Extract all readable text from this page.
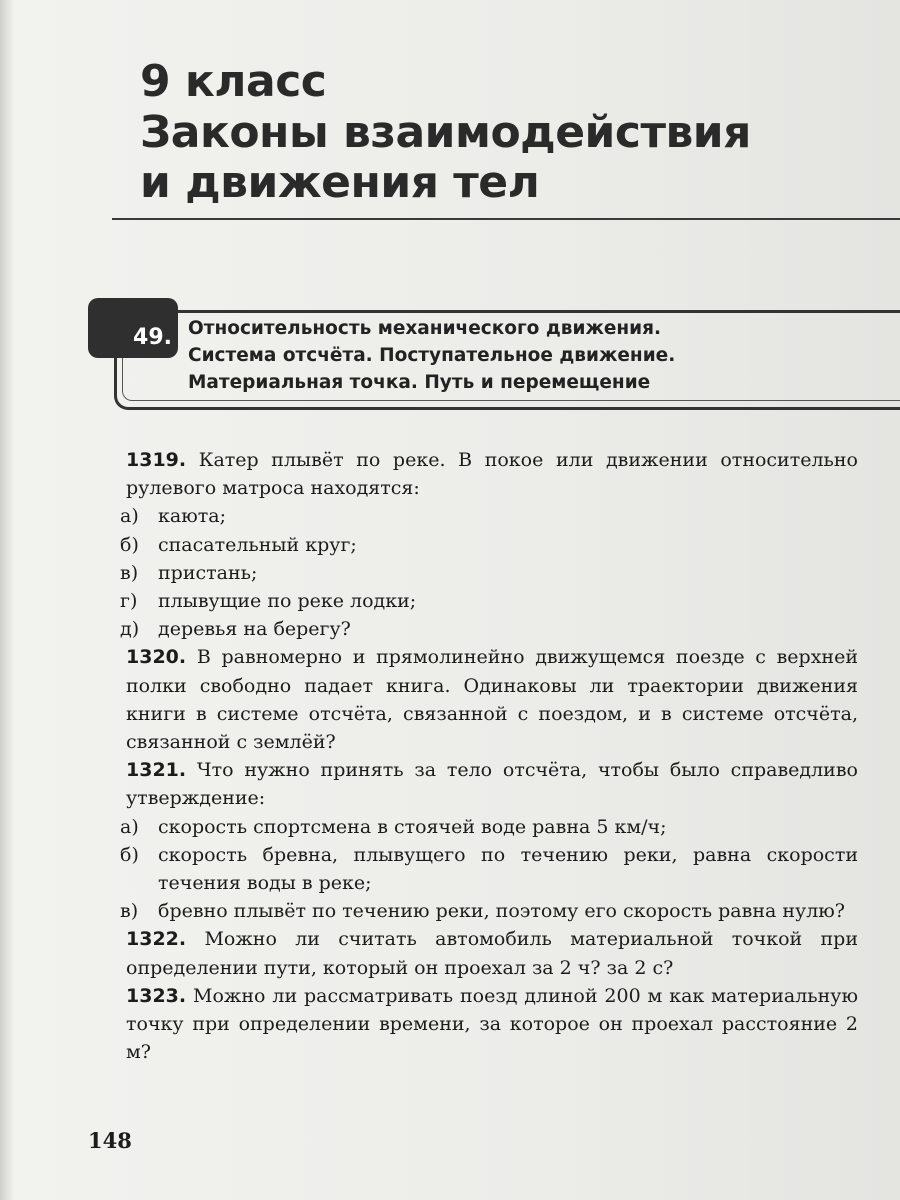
9 класс
Законы взаимодействия
и движения тел
49. Относительность механического движения.
Система отсчёта. Поступательное движение.
Материальная точка. Путь и перемещение
1319. Катер плывёт по реке. В покое или движении относительно рулевого матроса находятся:
а)	каюта;
б)	спасательный круг;
в)	пристань;
г)	плывущие по реке лодки;
д) деревья на берегу?
1320. В равномерно и прямолинейно движущемся поезде с верхней полки свободно падает книга. Одинаковы ли траектории движения книги в системе отсчёта, связанной с поездом, и в системе отсчёта, связанной с землёй?
1321. Что нужно принять за тело отсчёта, чтобы было справедливо утверждение:
а)	скорость спортсмена в стоячей воде равна 5 км/ч;
б)	скорость бревна, плывущего по течению реки, равна скорости течения воды в реке;
в)	бревно плывёт по течению реки, поэтому его скорость равна нулю?
1322. Можно ли считать автомобиль материальной точкой при определении пути, который он проехал за 2 ч? за 2 с?
1323. Можно ли рассматривать поезд длиной 200 м как материальную точку при определении времени, за которое он проехал расстояние 2 м?
148
